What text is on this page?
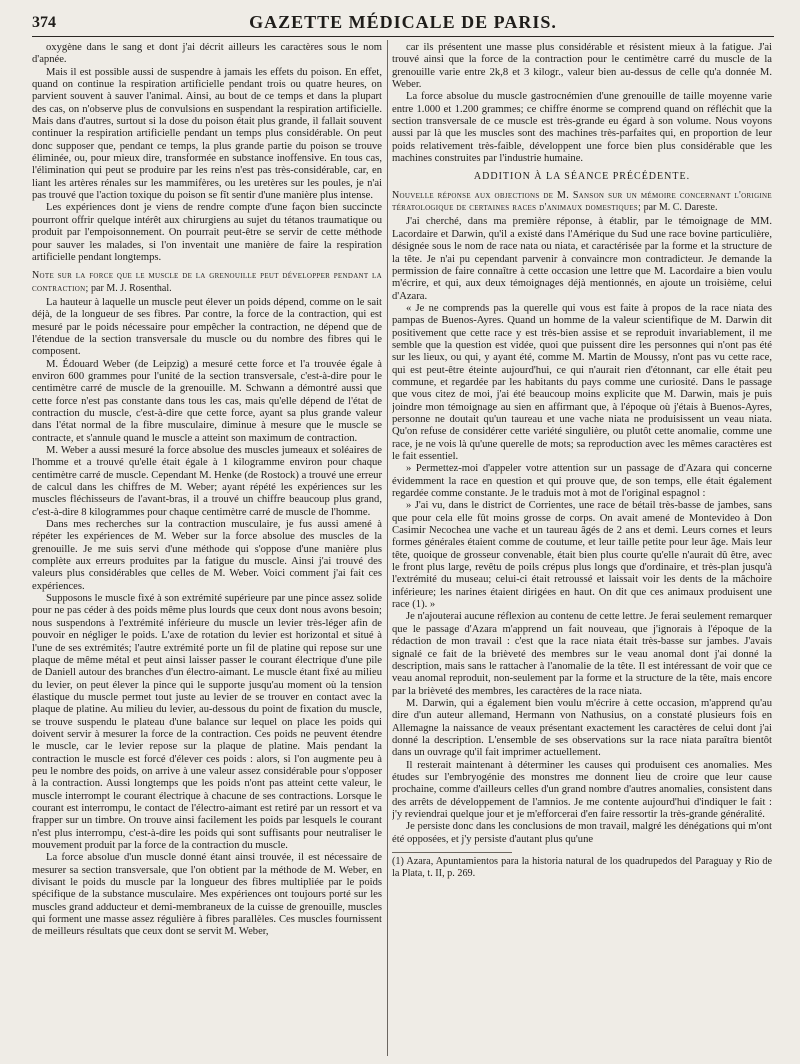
374	GAZETTE MÉDICALE DE PARIS.

oxygène dans le sang et dont j'ai décrit ailleurs les caractères sous le nom d'apnée.

Mais il est possible aussi de suspendre à jamais les effets du poison. En effet, quand on continue la respiration artificielle pendant trois ou quatre heures, on parvient souvent à sauver l'animal. Ainsi, au bout de ce temps et dans la plupart des cas, on n'observe plus de convulsions en suspendant la respiration artificielle. Mais dans d'autres, surtout si la dose du poison était plus grande, il fallait souvent continuer la respiration artificielle pendant un temps plus considérable. On peut donc supposer que, pendant ce temps, la plus grande partie du poison se trouve éliminée, ou, pour mieux dire, transformée en substance inoffensive. En tous cas, l'élimination qui peut se produire par les reins n'est pas très-considérable, car, en liant les artères rénales sur les mammifères, ou les uretères sur les poules, je n'ai pas trouvé que l'action toxique du poison se fît sentir d'une manière plus intense.

Les expériences dont je viens de rendre compte d'une façon bien succincte pourront offrir quelque intérêt aux chirurgiens au sujet du tétanos traumatique ou produit par l'empoisonnement. On pourrait peut-être se servir de cette méthode pour sauver les malades, si l'on inventait une manière de faire la respiration artificielle pendant longtemps.

Note sur la force que le muscle de la grenouille peut développer pendant la contraction; par M. J. Rosenthal.

La hauteur à laquelle un muscle peut élever un poids dépend, comme on le sait déjà, de la longueur de ses fibres. Par contre, la force de la contraction, qui est mesuré par le poids nécessaire pour empêcher la contraction, ne dépend que de l'étendue de la section transversale du muscle ou du nombre des fibres qui le composent.

M. Édouard Weber (de Leipzig) a mesuré cette force et l'a trouvée égale à environ 600 grammes pour l'unité de la section transversale, c'est-à-dire pour le centimètre carré de muscle de la grenouille. M. Schwann a démontré aussi que cette force n'est pas constante dans tous les cas, mais qu'elle dépend de l'état de contraction du muscle, c'est-à-dire que cette force, ayant sa plus grande valeur dans l'état normal de la fibre musculaire, diminue à mesure que le muscle se contracte, et s'annule quand le muscle a atteint son maximum de contraction.

M. Weber a aussi mesuré la force absolue des muscles jumeaux et soléaires de l'homme et a trouvé qu'elle était égale à 1 kilogramme environ pour chaque centimètre carré de muscle. Cependant M. Henke (de Rostock) a trouvé une erreur de calcul dans les chiffres de M. Weber; ayant répété les expériences sur les muscles fléchisseurs de l'avant-bras, il a trouvé un chiffre beaucoup plus grand, c'est-à-dire 8 kilogrammes pour chaque centimètre carré de muscle de l'homme.

Dans mes recherches sur la contraction musculaire, je fus aussi amené à répéter les expériences de M. Weber sur la force absolue des muscles de la grenouille. Je me suis servi d'une méthode qui s'oppose d'une manière plus complète aux erreurs produites par la fatigue du muscle. Ainsi j'ai trouvé des valeurs plus considérables que celles de M. Weber. Voici comment j'ai fait ces expériences.

Supposons le muscle fixé à son extrémité supérieure par une pince assez solide pour ne pas céder à des poids même plus lourds que ceux dont nous avons besoin; nous suspendons à l'extrémité inférieure du muscle un levier très-léger afin de pouvoir en négliger le poids. L'axe de rotation du levier est horizontal et situé à l'une de ses extrémités; l'autre extrémité porte un fil de platine qui repose sur une plaque de même métal et peut ainsi laisser passer le courant électrique d'une pile de Daniell autour des branches d'un électro-aimant. Le muscle étant fixé au milieu du levier, on peut élever la pince qui le supporte jusqu'au moment où la tension élastique du muscle permet tout juste au levier de se trouver en contact avec la plaque de platine. Au milieu du levier, au-dessous du point de fixation du muscle, se trouve suspendu le plateau d'une balance sur lequel on place les poids qui doivent servir à mesurer la force de la contraction. Ces poids ne peuvent étendre le muscle, car le levier repose sur la plaque de platine. Mais pendant la contraction le muscle est forcé d'élever ces poids : alors, si l'on augmente peu à peu le nombre des poids, on arrive à une valeur assez considérable pour s'opposer à la contraction. Aussi longtemps que les poids n'ont pas atteint cette valeur, le muscle interrompt le courant électrique à chacune de ses contractions. Lorsque le courant est interrompu, le contact de l'électro-aimant est retiré par un ressort et va frapper sur un timbre. On trouve ainsi facilement les poids par lesquels le courant n'est plus interrompu, c'est-à-dire les poids qui sont suffisants pour neutraliser le mouvement produit par la force de la contraction du muscle.

La force absolue d'un muscle donné étant ainsi trouvée, il est nécessaire de mesurer sa section transversale, que l'on obtient par la méthode de M. Weber, en divisant le poids du muscle par la longueur des fibres multipliée par le poids spécifique de la substance musculaire. Mes expériences ont toujours porté sur les muscles grand adducteur et demi-membraneux de la cuisse de grenouille, muscles qui forment une masse assez régulière à fibres parallèles. Ces muscles fournissent de meilleurs résultats que ceux dont se servit M. Weber,

car ils présentent une masse plus considérable et résistent mieux à la fatigue. J'ai trouvé ainsi que la force de la contraction pour le centimètre carré du muscle de la grenouille varie entre 2k,8 et 3 kilogr., valeur bien au-dessus de celle qu'a donnée M. Weber.

La force absolue du muscle gastrocnémien d'une grenouille de taille moyenne varie entre 1.000 et 1.200 grammes; ce chiffre énorme se comprend quand on réfléchit que la section transversale de ce muscle est très-grande eu égard à son volume. Nous voyons aussi par là que les muscles sont des machines très-parfaites qui, en proportion de leur poids relativement très-faible, développent une force bien plus considérable que les machines construites par l'industrie humaine.

ADDITION À LA SÉANCE PRÉCÉDENTE.

Nouvelle réponse aux objections de M. Sanson sur un mémoire concernant l'origine tératologique de certaines races d'animaux domestiques; par M. C. Dareste.

J'ai cherché, dans ma première réponse, à établir, par le témoignage de MM. Lacordaire et Darwin, qu'il a existé dans l'Amérique du Sud une race bovine particulière, désignée sous le nom de race nata ou niata, et caractérisée par la forme et la structure de la tête. Je n'ai pu cependant parvenir à convaincre mon contradicteur. Je demande la permission de faire connaître à cette occasion une lettre que M. Lacordaire a bien voulu m'écrire, et qui, aux deux témoignages déjà mentionnés, en ajoute un troisième, celui d'Azara.

« Je ne comprends pas la querelle qui vous est faite à propos de la race niata des pampas de Buenos-Ayres. Quand un homme de la valeur scientifique de M. Darwin dit positivement que cette race y est très-bien assise et se reproduit invariablement, il me semble que la question est vidée, quoi que puissent dire les personnes qui n'ont pas été sur les lieux, ou qui, y ayant été, comme M. Martin de Moussy, n'ont pas vu cette race, qui est peut-être éteinte aujourd'hui, ce qui n'aurait rien d'étonnant, car elle était peu commune, et regardée par les habitants du pays comme une curiosité. Dans le passage que vous citez de moi, j'ai été beaucoup moins explicite que M. Darwin, mais je puis joindre mon témoignage au sien en affirmant que, à l'époque où j'étais à Buenos-Ayres, personne ne doutait qu'un taureau et une vache niata ne produisissent un veau niata. Qu'on refuse de considérer cette variété singulière, ou plutôt cette anomalie, comme une race, je ne vois là qu'une querelle de mots; sa reproduction avec les mêmes caractères est le fait essentiel.

» Permettez-moi d'appeler votre attention sur un passage de d'Azara qui concerne évidemment la race en question et qui prouve que, de son temps, elle était également regardée comme constante. Je le traduis mot à mot de l'original espagnol :

» J'ai vu, dans le district de Corrientes, une race de bétail très-basse de jambes, sans que pour cela elle fût moins grosse de corps. On avait amené de Montevideo à Don Casimir Necochea une vache et un taureau âgés de 2 ans et demi. Leurs cornes et leurs formes générales étaient comme de coutume, et leur taille petite pour leur âge. Mais leur tête, quoique de grosseur convenable, était bien plus courte qu'elle n'aurait dû être, avec le front plus large, revêtu de poils crépus plus longs que d'ordinaire, et très-plan jusqu'à l'extrémité du museau; celui-ci était retroussé et laissait voir les dents de la mâchoire inférieure; les narines étaient dirigées en haut. On dit que ces animaux produisent une race (1). »

Je n'ajouterai aucune réflexion au contenu de cette lettre. Je ferai seulement remarquer que le passage d'Azara m'apprend un fait nouveau, que j'ignorais à l'époque de la rédaction de mon travail : c'est que la race niata était très-basse sur jambes. J'avais signalé ce fait de la brièveté des membres sur le veau anomal dont j'ai donné la description, mais sans le rattacher à l'anomalie de la tête. Il est intéressant de voir que ce veau anomal reproduit, non-seulement par la forme et la structure de la tête, mais encore par la brièveté des membres, les caractères de la race niata.

M. Darwin, qui a également bien voulu m'écrire à cette occasion, m'apprend qu'au dire d'un auteur allemand, Hermann von Nathusius, on a constaté plusieurs fois en Allemagne la naissance de veaux présentant exactement les caractères de celui dont j'ai donné la description. L'ensemble de ses observations sur la race niata paraîtra bientôt dans un ouvrage qu'il fait imprimer actuellement.

Il resterait maintenant à déterminer les causes qui produisent ces anomalies. Mes études sur l'embryogénie des monstres me donnent lieu de croire que leur cause prochaine, comme d'ailleurs celles d'un grand nombre d'autres anomalies, consistent dans des arrêts de développement de l'amnios. Je me contente aujourd'hui d'indiquer le fait : j'y reviendrai quelque jour et je m'efforcerai d'en faire ressortir la très-grande généralité.

Je persiste donc dans les conclusions de mon travail, malgré les dénégations qui m'ont été opposées, et j'y persiste d'autant plus qu'une

(1) Azara, Apuntamientos para la historia natural de los quadrupedos del Paraguay y Rio de la Plata, t. II, p. 269.
